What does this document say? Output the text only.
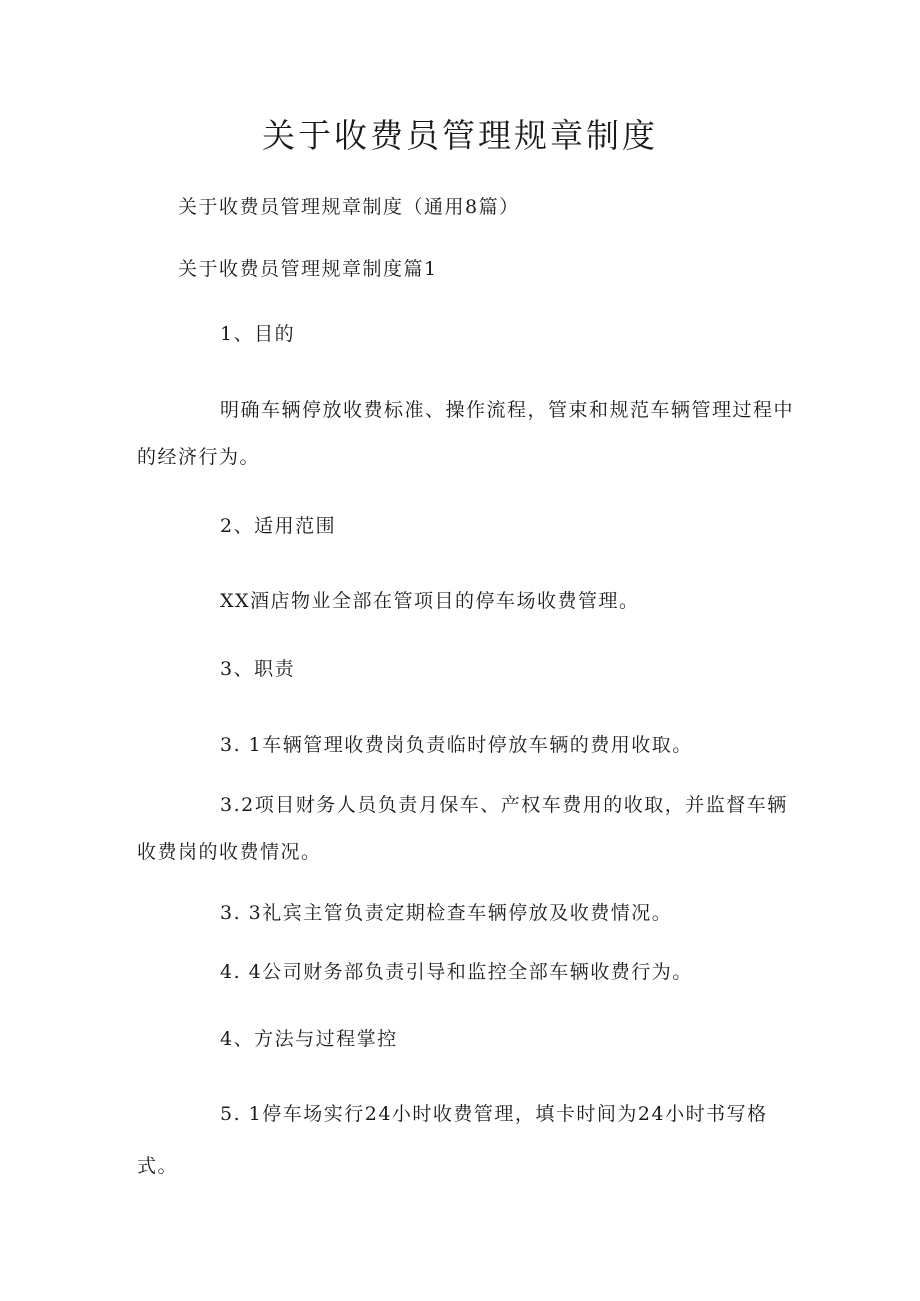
关于收费员管理规章制度

关于收费员管理规章制度（通用8篇）

关于收费员管理规章制度篇1

1、目的

明确车辆停放收费标准、操作流程，管束和规范车辆管理过程中

的经济行为。

2、适用范围

XX酒店物业全部在管项目的停车场收费管理。

3、职责

3. 1车辆管理收费岗负责临时停放车辆的费用收取。

3.2项目财务人员负责月保车、产权车费用的收取，并监督车辆

收费岗的收费情况。

3. 3礼宾主管负责定期检查车辆停放及收费情况。

4. 4公司财务部负责引导和监控全部车辆收费行为。

4、方法与过程掌控

5. 1停车场实行24小时收费管理，填卡时间为24小时书写格

式。
